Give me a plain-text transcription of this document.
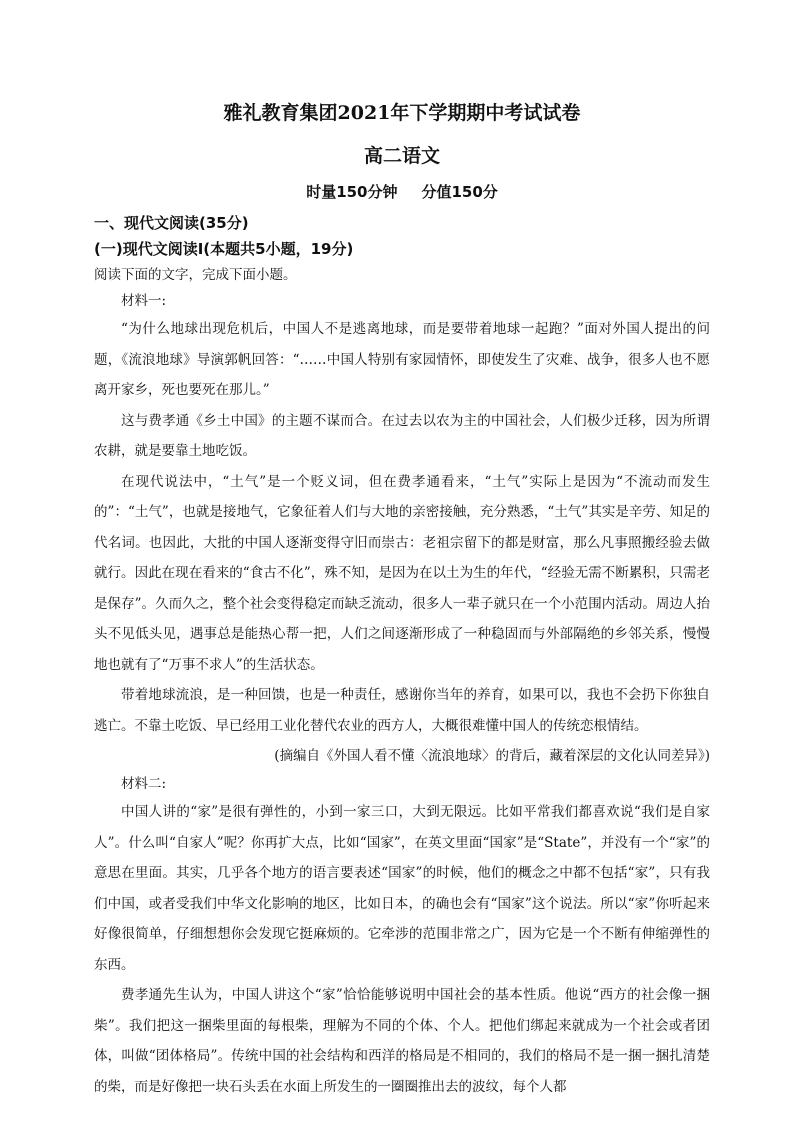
雅礼教育集团2021年下学期期中考试试卷
高二语文
时量150分钟 分值150分

一、现代文阅读(35分)

(一)现代文阅读Ⅰ(本题共5小题，19分)

阅读下面的文字，完成下面小题。

材料一:

“为什么地球出现危机后，中国人不是逃离地球，而是要带着地球一起跑？”面对外国人提出的问题，《流浪地球》导演郭帆回答：“……中国人特别有家园情怀，即使发生了灾难、战争，很多人也不愿离开家乡，死也要死在那儿。”

这与费孝通《乡土中国》的主题不谋而合。在过去以农为主的中国社会，人们极少迁移，因为所谓农耕，就是要靠土地吃饭。

在现代说法中，“土气”是一个贬义词，但在费孝通看来，“土气”实际上是因为“不流动而发生的”：“土气”，也就是接地气，它象征着人们与大地的亲密接触，充分熟悉，“土气”其实是辛劳、知足的代名词。也因此，大批的中国人逐渐变得守旧而崇古：老祖宗留下的都是财富，那么凡事照搬经验去做就行。因此在现在看来的“食古不化”，殊不知，是因为在以土为生的年代，“经验无需不断累积，只需老是保存”。久而久之，整个社会变得稳定而缺乏流动，很多人一辈子就只在一个小范围内活动。周边人抬头不见低头见，遇事总是能热心帮一把，人们之间逐渐形成了一种稳固而与外部隔绝的乡邻关系，慢慢地也就有了“万事不求人”的生活状态。

带着地球流浪，是一种回馈，也是一种责任，感谢你当年的养育，如果可以，我也不会扔下你独自逃亡。不靠土吃饭、早已经用工业化替代农业的西方人，大概很难懂中国人的传统恋根情结。

(摘编自《外国人看不懂〈流浪地球〉的背后，藏着深层的文化认同差异》)

材料二:

中国人讲的“家”是很有弹性的，小到一家三口，大到无限远。比如平常我们都喜欢说“我们是自家人”。什么叫“自家人”呢？你再扩大点，比如“国家”，在英文里面“国家”是“State”，并没有一个“家”的意思在里面。其实，几乎各个地方的语言要表述“国家”的时候，他们的概念之中都不包括“家”，只有我们中国，或者受我们中华文化影响的地区，比如日本，的确也会有“国家”这个说法。所以“家”你听起来好像很简单，仔细想想你会发现它挺麻烦的。它牵涉的范围非常之广，因为它是一个不断有伸缩弹性的东西。

费孝通先生认为，中国人讲这个“家”恰恰能够说明中国社会的基本性质。他说“西方的社会像一捆柴”。我们把这一捆柴里面的每根柴，理解为不同的个体、个人。把他们绑起来就成为一个社会或者团体，叫做“团体格局”。传统中国的社会结构和西洋的格局是不相同的，我们的格局不是一捆一捆扎清楚的柴，而是好像把一块石头丢在水面上所发生的一圈圈推出去的波纹，每个人都
